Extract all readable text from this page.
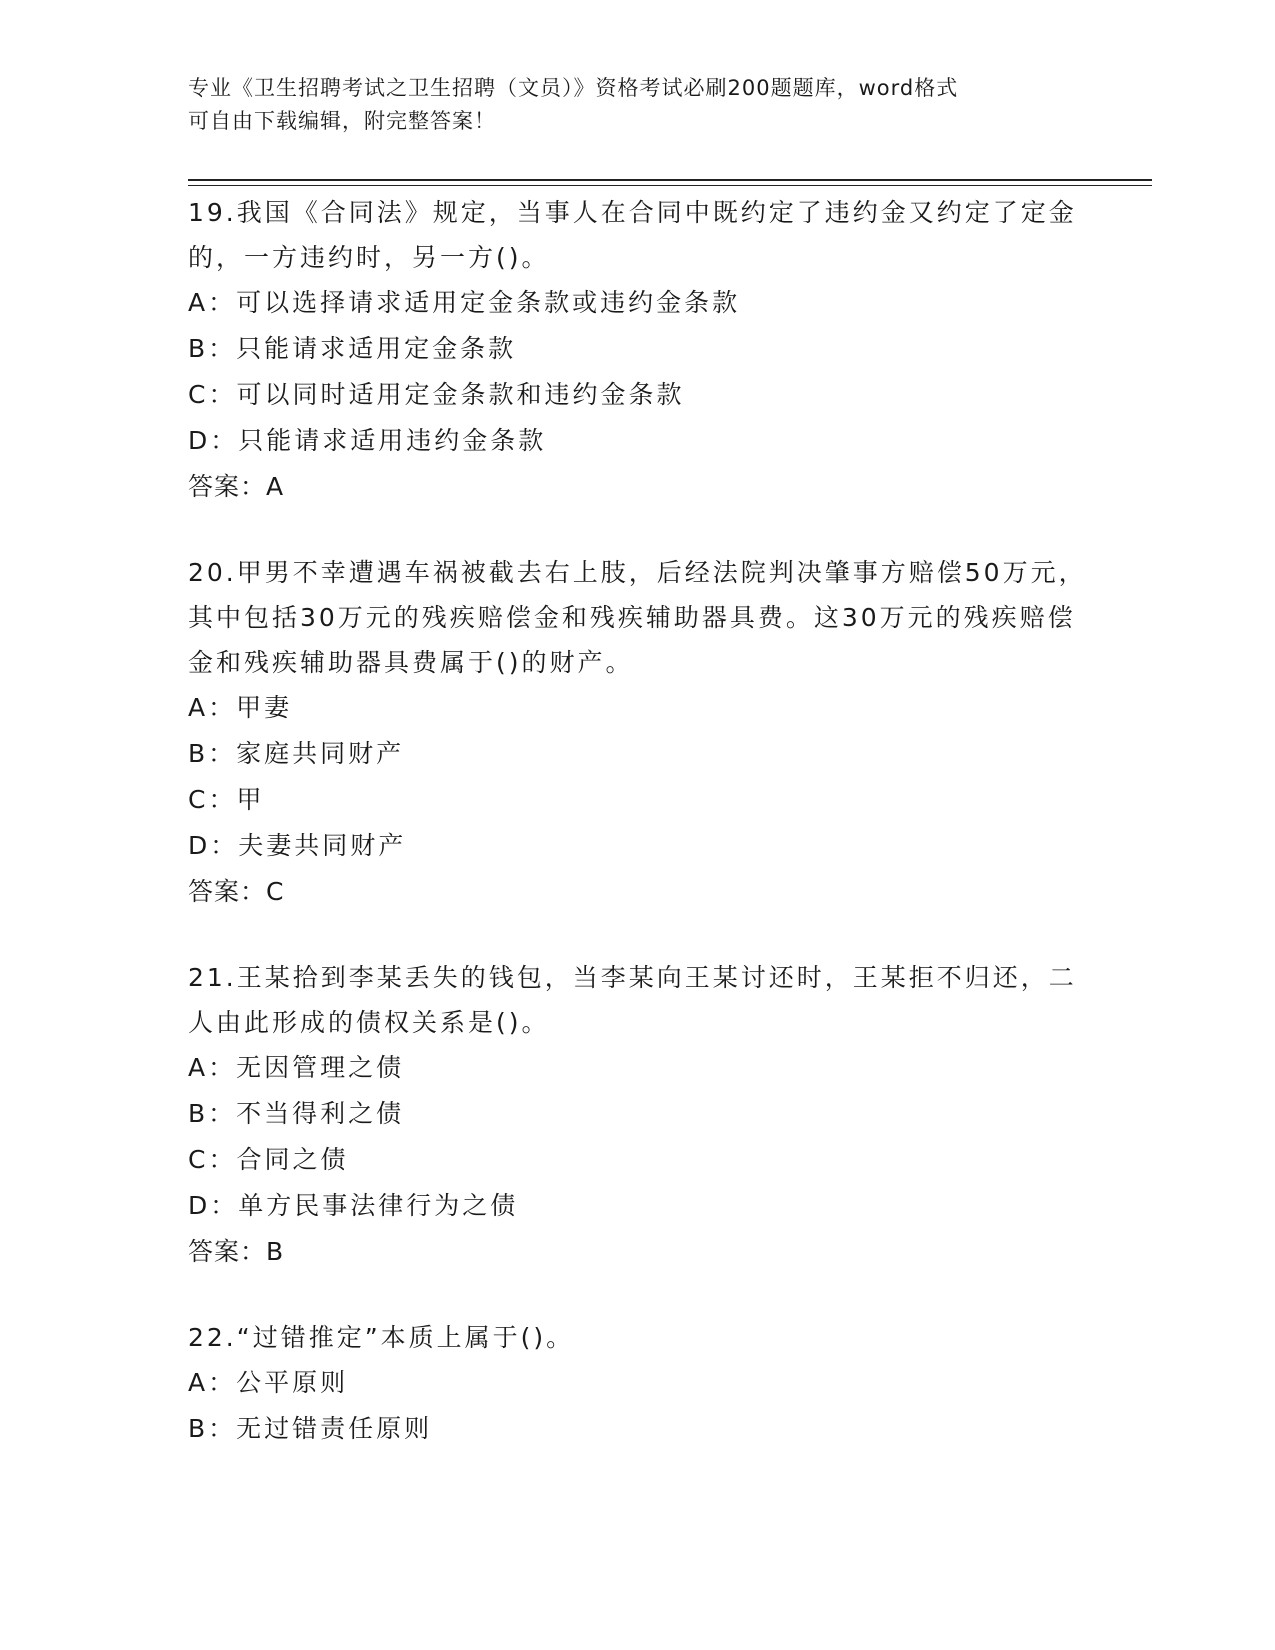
专业《卫生招聘考试之卫生招聘（文员）》资格考试必刷200题题库，word格式
可自由下载编辑，附完整答案！

19.我国《合同法》规定，当事人在合同中既约定了违约金又约定了定金的，一方违约时，另一方()。

A：可以选择请求适用定金条款或违约金条款

B：只能请求适用定金条款

C：可以同时适用定金条款和违约金条款

D：只能请求适用违约金条款

答案：A

20.甲男不幸遭遇车祸被截去右上肢，后经法院判决肇事方赔偿50万元，其中包括30万元的残疾赔偿金和残疾辅助器具费。这30万元的残疾赔偿金和残疾辅助器具费属于()的财产。

A：甲妻

B：家庭共同财产

C：甲

D：夫妻共同财产

答案：C

21.王某拾到李某丢失的钱包，当李某向王某讨还时，王某拒不归还，二人由此形成的债权关系是()。

A：无因管理之债

B：不当得利之债

C：合同之债

D：单方民事法律行为之债

答案：B

22.“过错推定”本质上属于()。

A：公平原则

B：无过错责任原则
